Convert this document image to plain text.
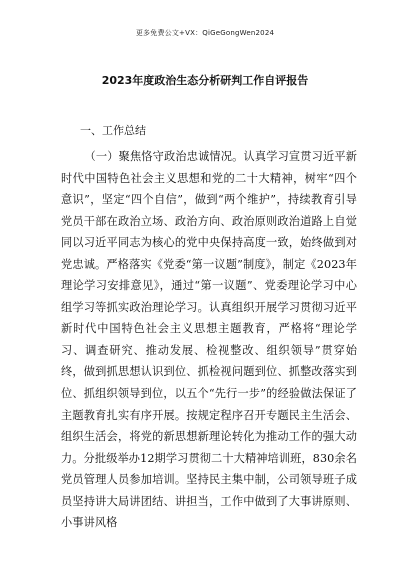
更多免费公文+VX：QiGeGongWen2024
2023年度政治生态分析研判工作自评报告
一、工作总结

（一）聚焦恪守政治忠诚情况。认真学习宣贯习近平新时代中国特色社会主义思想和党的二十大精神，树牢“四个意识”，坚定“四个自信”，做到“两个维护”，持续教育引导党员干部在政治立场、政治方向、政治原则政治道路上自觉同以习近平同志为核心的党中央保持高度一致，始终做到对党忠诚。严格落实《党委“第一议题”制度》，制定《2023年理论学习安排意见》，通过“第一议题”、党委理论学习中心组学习等抓实政治理论学习。认真组织开展学习贯彻习近平新时代中国特色社会主义思想主题教育，严格将“理论学习、调查研究、推动发展、检视整改、组织领导”贯穿始终，做到抓思想认识到位、抓检视问题到位、抓整改落实到位、抓组织领导到位，以五个“先行一步”的经验做法保证了主题教育扎实有序开展。按规定程序召开专题民主生活会、组织生活会，将党的新思想新理论转化为推动工作的强大动力。分批级举办12期学习贯彻二十大精神培训班，830余名党员管理人员参加培训。坚持民主集中制，公司领导班子成员坚持讲大局讲团结、讲担当，工作中做到了大事讲原则、小事讲风格
